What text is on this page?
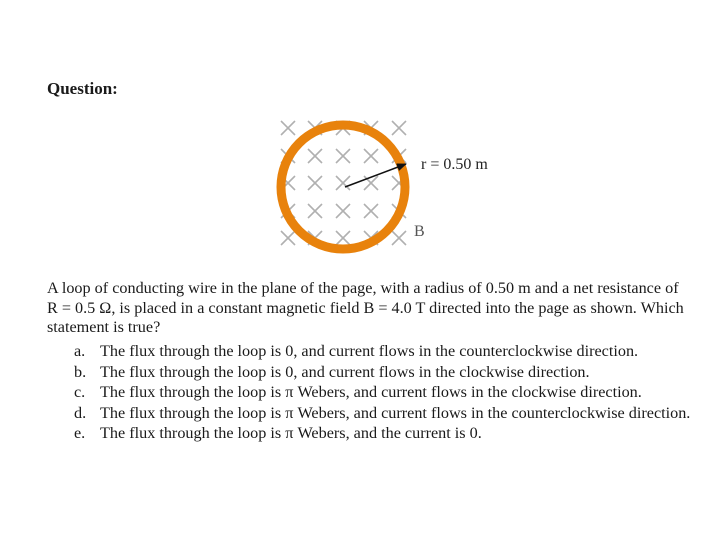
Question:
r = 0.50 m
B
A loop of conducting wire in the plane of the page, with a radius of 0.50 m and a net resistance of R = 0.5 Ω, is placed in a constant magnetic field B = 4.0 T directed into the page as shown. Which statement is true?
a. The flux through the loop is 0, and current flows in the counterclockwise direction.
b. The flux through the loop is 0, and current flows in the clockwise direction.
c. The flux through the loop is π Webers, and current flows in the clockwise direction.
d. The flux through the loop is π Webers, and current flows in the counterclockwise direction.
e. The flux through the loop is π Webers, and the current is 0.
